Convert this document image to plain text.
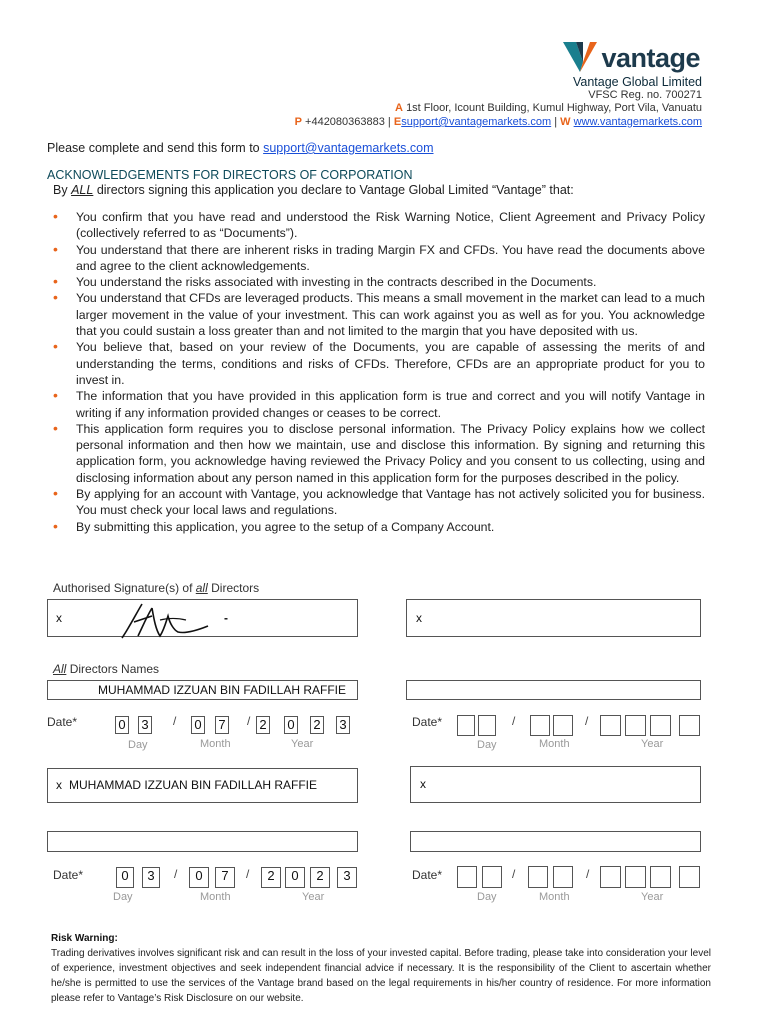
vantage
Vantage Global Limited
VFSC Reg. no. 700271
A 1st Floor, Icount Building, Kumul Highway, Port Vila, Vanuatu
P +442080363883 | Esupport@vantagemarkets.com | W www.vantagemarkets.com
Please complete and send this form to support@vantagemarkets.com
ACKNOWLEDGEMENTS FOR DIRECTORS OF CORPORATION
By ALL directors signing this application you declare to Vantage Global Limited “Vantage” that:
• You confirm that you have read and understood the Risk Warning Notice, Client Agreement and Privacy Policy (collectively referred to as “Documents”).
• You understand that there are inherent risks in trading Margin FX and CFDs. You have read the documents above and agree to the client acknowledgements.
• You understand the risks associated with investing in the contracts described in the Documents.
• You understand that CFDs are leveraged products. This means a small movement in the market can lead to a much larger movement in the value of your investment. This can work against you as well as for you. You acknowledge that you could sustain a loss greater than and not limited to the margin that you have deposited with us.
• You believe that, based on your review of the Documents, you are capable of assessing the merits of and understanding the terms, conditions and risks of CFDs. Therefore, CFDs are an appropriate product for you to invest in.
• The information that you have provided in this application form is true and correct and you will notify Vantage in writing if any information provided changes or ceases to be correct.
• This application form requires you to disclose personal information. The Privacy Policy explains how we collect personal information and then how we maintain, use and disclose this information. By signing and returning this application form, you acknowledge having reviewed the Privacy Policy and you consent to us collecting, using and disclosing information about any person named in this application form for the purposes described in the policy.
• By applying for an account with Vantage, you acknowledge that Vantage has not actively solicited you for business. You must check your local laws and regulations.
• By submitting this application, you agree to the setup of a Company Account.
Authorised Signature(s) of all Directors
x	-	x
All Directors Names
MUHAMMAD IZZUAN BIN FADILLAH RAFFIE
Date*	0 3 / 0 7 / 2 0 2 3
Day	Month	Year
Date*	/	/
Day	Month	Year
x MUHAMMAD IZZUAN BIN FADILLAH RAFFIE	x
Date*	0	3	/	0	7	/	2	0	2	3
Day	Month	Year
Date*	/	/
Day	Month	Year
Risk Warning:
Trading derivatives involves significant risk and can result in the loss of your invested capital. Before trading, please take into consideration your level of experience, investment objectives and seek independent financial advice if necessary. It is the responsibility of the Client to ascertain whether he/she is permitted to use the services of the Vantage brand based on the legal requirements in his/her country of residence. For more information please refer to Vantage’s Risk Disclosure on our website.
